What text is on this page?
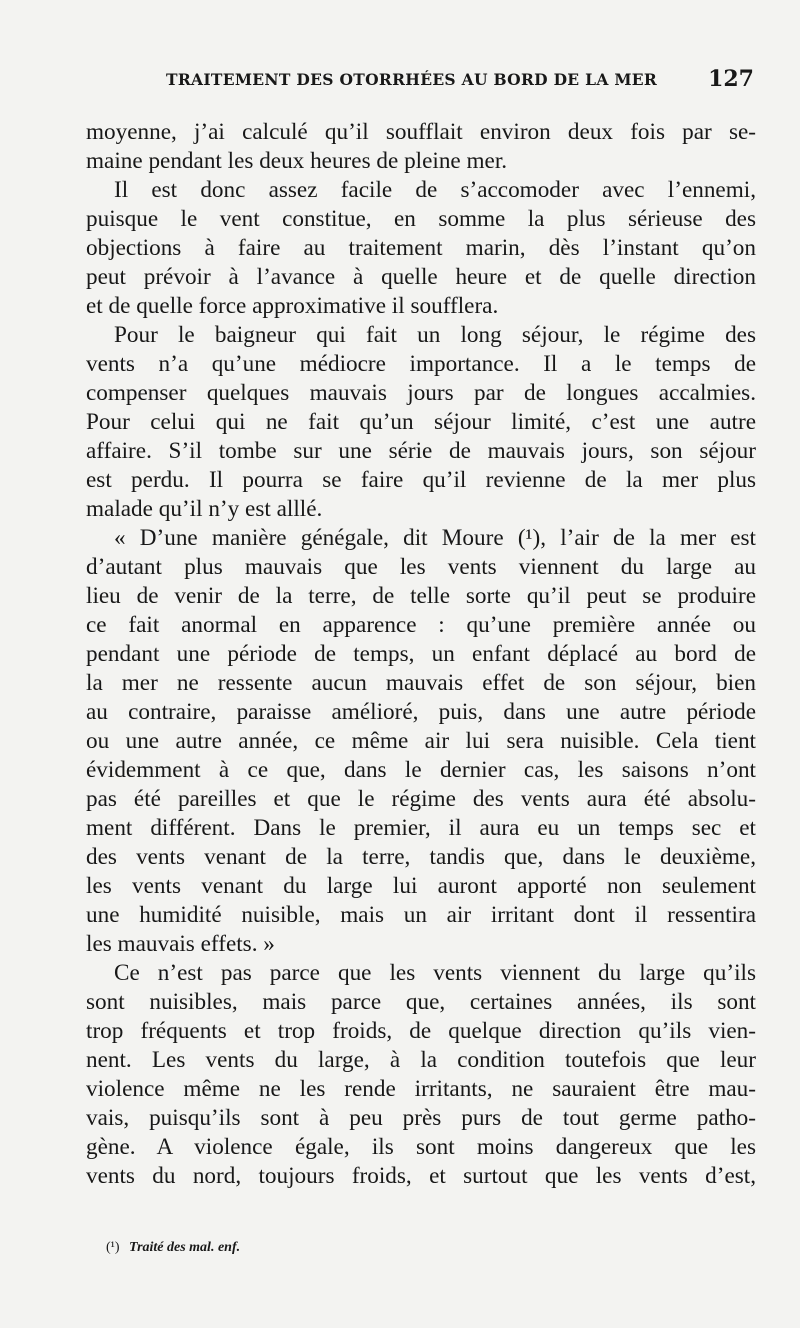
TRAITEMENT DES OTORRHÉES AU BORD DE LA MER 127
moyenne, j’ai calculé qu’il soufflait environ deux fois par se-
maine pendant les deux heures de pleine mer.
Il est donc assez facile de s’accomoder avec l’ennemi,
puisque le vent constitue, en somme la plus sérieuse des
objections à faire au traitement marin, dès l’instant qu’on
peut prévoir à l’avance à quelle heure et de quelle direction
et de quelle force approximative il soufflera.
Pour le baigneur qui fait un long séjour, le régime des
vents n’a qu’une médiocre importance. Il a le temps de
compenser quelques mauvais jours par de longues accalmies.
Pour celui qui ne fait qu’un séjour limité, c’est une autre
affaire. S’il tombe sur une série de mauvais jours, son séjour
est perdu. Il pourra se faire qu’il revienne de la mer plus
malade qu’il n’y est alllé.
« D’une manière génégale, dit Moure (¹), l’air de la mer est
d’autant plus mauvais que les vents viennent du large au
lieu de venir de la terre, de telle sorte qu’il peut se produire
ce fait anormal en apparence : qu’une première année ou
pendant une période de temps, un enfant déplacé au bord de
la mer ne ressente aucun mauvais effet de son séjour, bien
au contraire, paraisse amélioré, puis, dans une autre période
ou une autre année, ce même air lui sera nuisible. Cela tient
évidemment à ce que, dans le dernier cas, les saisons n’ont
pas été pareilles et que le régime des vents aura été absolu-
ment différent. Dans le premier, il aura eu un temps sec et
des vents venant de la terre, tandis que, dans le deuxième,
les vents venant du large lui auront apporté non seulement
une humidité nuisible, mais un air irritant dont il ressentira
les mauvais effets. »
Ce n’est pas parce que les vents viennent du large qu’ils
sont nuisibles, mais parce que, certaines années, ils sont
trop fréquents et trop froids, de quelque direction qu’ils vien-
nent. Les vents du large, à la condition toutefois que leur
violence même ne les rende irritants, ne sauraient être mau-
vais, puisqu’ils sont à peu près purs de tout germe patho-
gène. A violence égale, ils sont moins dangereux que les
vents du nord, toujours froids, et surtout que les vents d’est,
(¹) Traité des mal. enf.
